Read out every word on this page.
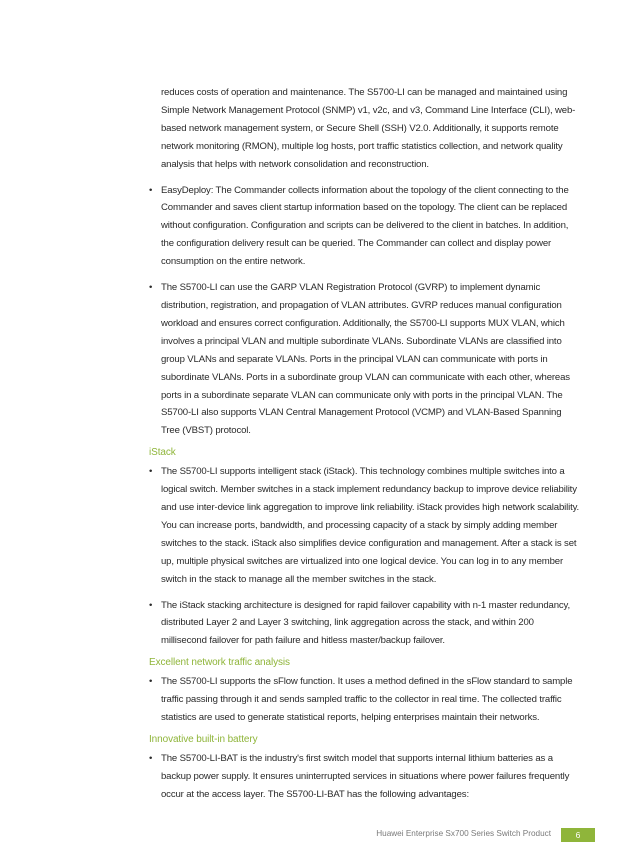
reduces costs of operation and maintenance. The S5700-LI can be managed and maintained using Simple Network Management Protocol (SNMP) v1, v2c, and v3, Command Line Interface (CLI), web-based network management system, or Secure Shell (SSH) V2.0. Additionally, it supports remote network monitoring (RMON), multiple log hosts, port traffic statistics collection, and network quality analysis that helps with network consolidation and reconstruction.

• EasyDeploy: The Commander collects information about the topology of the client connecting to the Commander and saves client startup information based on the topology. The client can be replaced without configuration. Configuration and scripts can be delivered to the client in batches. In addition, the configuration delivery result can be queried. The Commander can collect and display power consumption on the entire network.
• The S5700-LI can use the GARP VLAN Registration Protocol (GVRP) to implement dynamic distribution, registration, and propagation of VLAN attributes. GVRP reduces manual configuration workload and ensures correct configuration. Additionally, the S5700-LI supports MUX VLAN, which involves a principal VLAN and multiple subordinate VLANs. Subordinate VLANs are classified into group VLANs and separate VLANs. Ports in the principal VLAN can communicate with ports in subordinate VLANs. Ports in a subordinate group VLAN can communicate with each other, whereas ports in a subordinate separate VLAN can communicate only with ports in the principal VLAN. The S5700-LI also supports VLAN Central Management Protocol (VCMP) and VLAN-Based Spanning Tree (VBST) protocol.
iStack
• The S5700-LI supports intelligent stack (iStack). This technology combines multiple switches into a logical switch. Member switches in a stack implement redundancy backup to improve device reliability and use inter-device link aggregation to improve link reliability. iStack provides high network scalability. You can increase ports, bandwidth, and processing capacity of a stack by simply adding member switches to the stack. iStack also simplifies device configuration and management. After a stack is set up, multiple physical switches are virtualized into one logical device. You can log in to any member switch in the stack to manage all the member switches in the stack.
• The iStack stacking architecture is designed for rapid failover capability with n-1 master redundancy, distributed Layer 2 and Layer 3 switching, link aggregation across the stack, and within 200 millisecond failover for path failure and hitless master/backup failover.
Excellent network traffic analysis
• The S5700-LI supports the sFlow function. It uses a method defined in the sFlow standard to sample traffic passing through it and sends sampled traffic to the collector in real time. The collected traffic statistics are used to generate statistical reports, helping enterprises maintain their networks.
Innovative built-in battery
• The S5700-LI-BAT is the industry's first switch model that supports internal lithium batteries as a backup power supply. It ensures uninterrupted services in situations where power failures frequently occur at the access layer. The S5700-LI-BAT has the following advantages:
Huawei Enterprise Sx700 Series Switch Product	6
